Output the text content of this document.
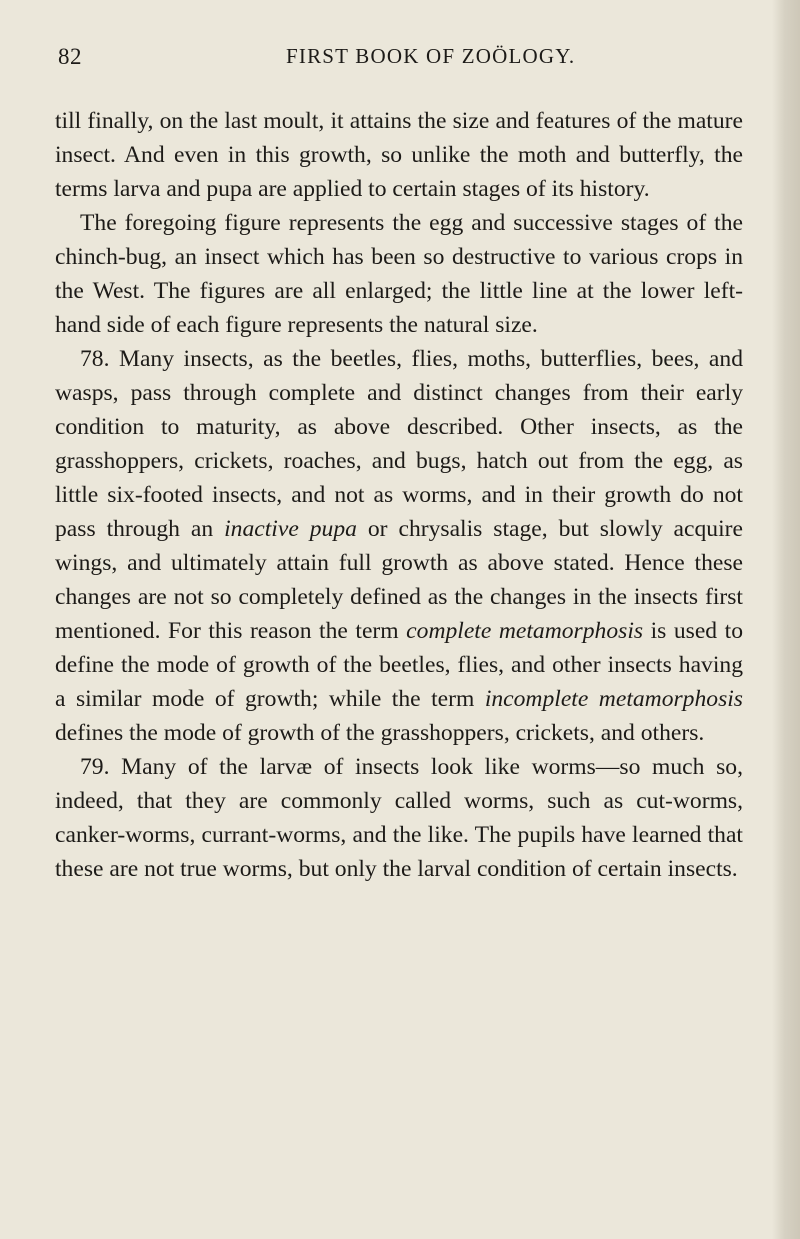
82	FIRST BOOK OF ZOÖLOGY.

till finally, on the last moult, it attains the size and features of the mature insect. And even in this growth, so unlike the moth and butterfly, the terms larva and pupa are applied to certain stages of its history.

The foregoing figure represents the egg and successive stages of the chinch-bug, an insect which has been so destructive to various crops in the West. The figures are all enlarged; the little line at the lower left-hand side of each figure represents the natural size.

78. Many insects, as the beetles, flies, moths, butterflies, bees, and wasps, pass through complete and distinct changes from their early condition to maturity, as above described. Other insects, as the grasshoppers, crickets, roaches, and bugs, hatch out from the egg, as little six-footed insects, and not as worms, and in their growth do not pass through an inactive pupa or chrysalis stage, but slowly acquire wings, and ultimately attain full growth as above stated. Hence these changes are not so completely defined as the changes in the insects first mentioned. For this reason the term complete metamorphosis is used to define the mode of growth of the beetles, flies, and other insects having a similar mode of growth; while the term incomplete metamorphosis defines the mode of growth of the grasshoppers, crickets, and others.

79. Many of the larvæ of insects look like worms—so much so, indeed, that they are commonly called worms, such as cut-worms, canker-worms, currant-worms, and the like. The pupils have learned that these are not true worms, but only the larval condition of certain insects.
